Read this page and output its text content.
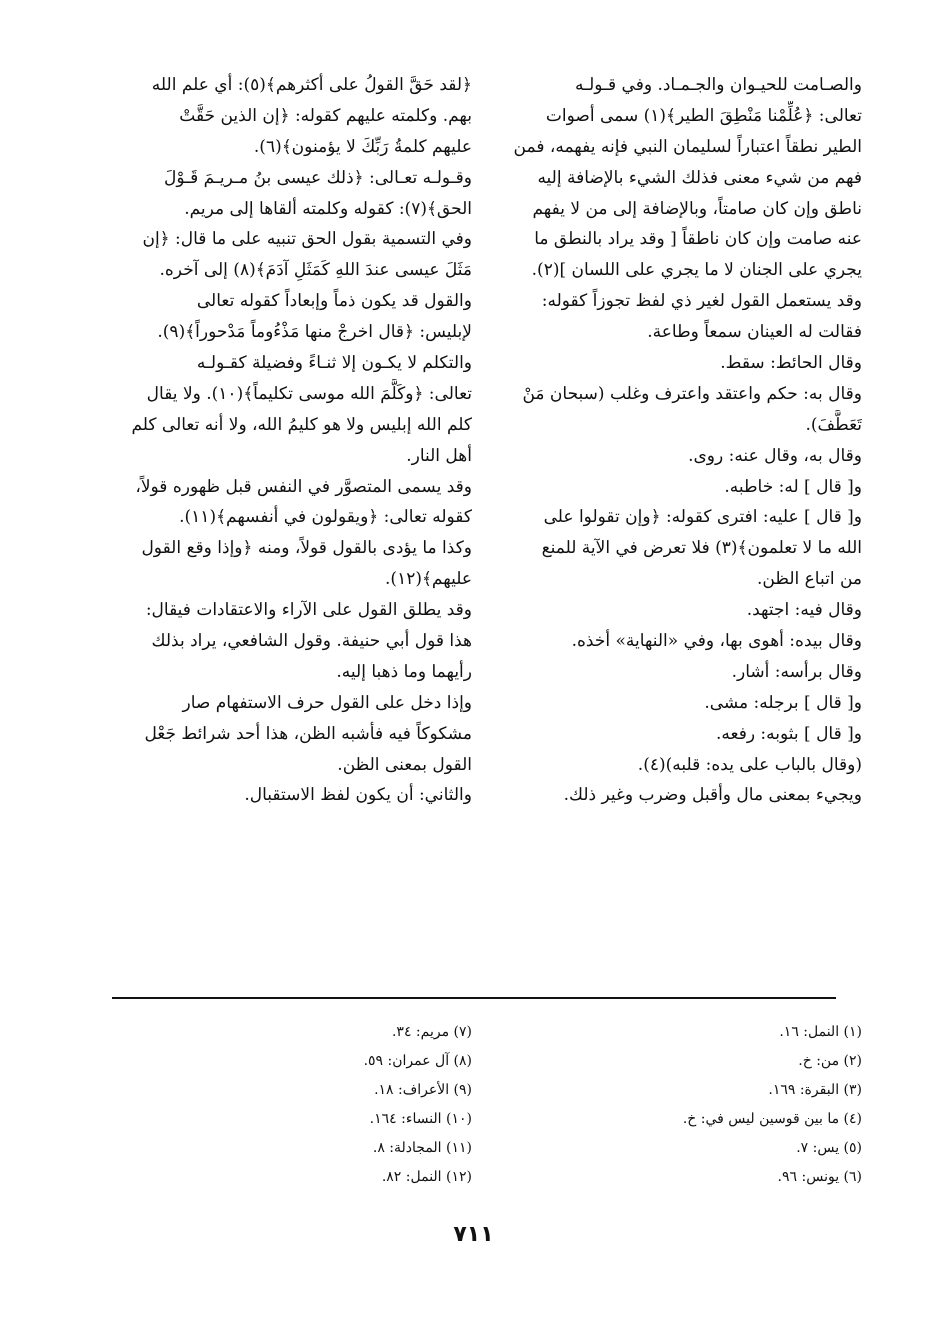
والصـامت للحيـوان والجـمـاد. وفي قـولـه
تعالى: ﴿عُلِّمْنا مَنْطِقَ الطير﴾(١) سمى أصوات
الطير نطقاً اعتباراً لسليمان النبي فإنه يفهمه، فمن
فهم من شيء معنى فذلك الشيء بالإضافة إليه
ناطق وإن كان صامتاً، وبالإضافة إلى من لا يفهم
عنه صامت وإن كان ناطقاً [ وقد يراد بالنطق ما
يجري على الجنان لا ما يجري على اللسان ](٢).
وقد يستعمل القول لغير ذي لفظ تجوزاً كقوله:
فقالت له العينان سمعاً وطاعة.
وقال الحائط: سقط.
وقال به: حكم واعتقد واعترف وغلب (سبحان مَنْ
تَعَطَّفَ).
وقال به، وقال عنه: روى.
و[ قال ] له: خاطبه.
و[ قال ] عليه: افترى كقوله: ﴿وإن تقولوا على
الله ما لا تعلمون﴾(٣) فلا تعرض في الآية للمنع
من اتباع الظن.
وقال فيه: اجتهد.
وقال بيده: أهوى بها، وفي «النهاية» أخذه.
وقال برأسه: أشار.
و[ قال ] برجله: مشى.
و[ قال ] بثوبه: رفعه.
(وقال بالباب على يده: قلبه)(٤).
ويجيء بمعنى مال وأقبل وضرب وغير ذلك.
﴿لقد حَقَّ القولُ على أكثرهم﴾(٥): أي علم الله
بهم. وكلمته عليهم كقوله: ﴿إن الذين حَقَّتْ
عليهم كلمةُ رَبِّكَ لا يؤمنون﴾(٦).
وقـولـه تعـالى: ﴿ذلك عيسى بنُ مـريـمَ قَـوْلَ
الحق﴾(٧): كقوله وكلمته ألقاها إلى مريم.
وفي التسمية بقول الحق تنبيه على ما قال: ﴿إن
مَثَلَ عيسى عندَ اللهِ كَمَثَلِ آدَمَ﴾(٨) إلى آخره.
والقول قد يكون ذماً وإبعاداً كقوله تعالى
لإبليس: ﴿قال اخرجْ منها مَذْءُوماً مَدْحوراً﴾(٩).
والتكلم لا يكـون إلا ثنـاءً وفضيلة كقـولـه
تعالى: ﴿وكَلَّمَ الله موسى تكليماً﴾(١٠). ولا يقال
كلم الله إبليس ولا هو كليمُ الله، ولا أنه تعالى كلم
أهل النار.
وقد يسمى المتصوَّر في النفس قبل ظهوره قولاً،
كقوله تعالى: ﴿ويقولون في أنفسهم﴾(١١).
وكذا ما يؤدى بالقول قولاً، ومنه ﴿وإذا وقع القول
عليهم﴾(١٢).
وقد يطلق القول على الآراء والاعتقادات فيقال:
هذا قول أبي حنيفة. وقول الشافعي، يراد بذلك
رأيهما وما ذهبا إليه.
وإذا دخل على القول حرف الاستفهام صار
مشكوكاً فيه فأشبه الظن، هذا أحد شرائط جَعْل
القول بمعنى الظن.
والثاني: أن يكون لفظ الاستقبال.
(١) النمل: ١٦.
(٢) من: خ.
(٣) البقرة: ١٦٩.
(٤) ما بين قوسين ليس في: خ.
(٥) يس: ٧.
(٦) يونس: ٩٦.
(٧) مريم: ٣٤.
(٨) آل عمران: ٥٩.
(٩) الأعراف: ١٨.
(١٠) النساء: ١٦٤.
(١١) المجادلة: ٨.
(١٢) النمل: ٨٢.
٧١١
